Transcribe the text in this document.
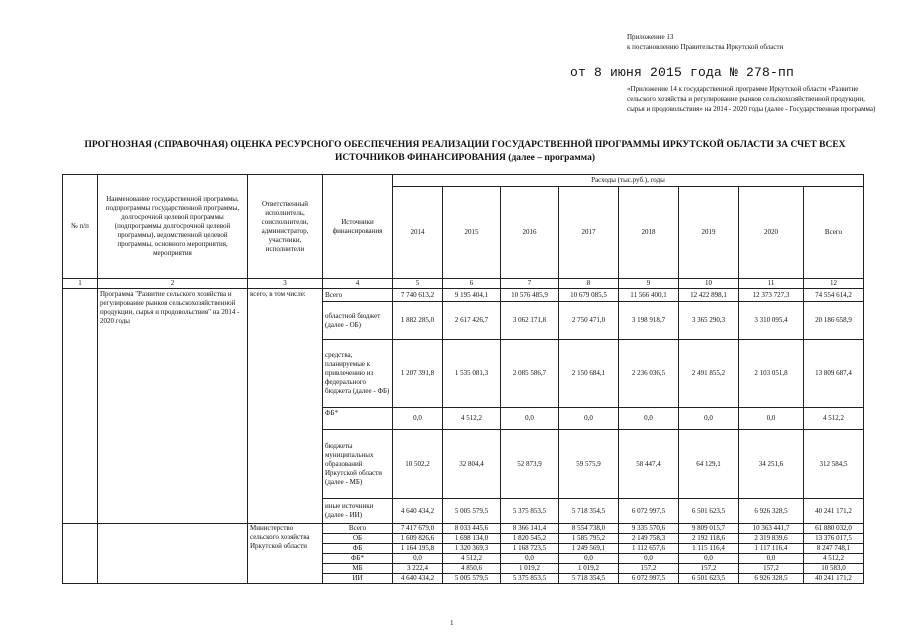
Приложение 13
к постановлению Правительства Иркутской области
от 8 июня 2015 года № 278-пп
«Приложение 14 к государственной программе Иркутской области «Развитие сельского хозяйства и регулирование рынков сельскохозяйственной продукции, сырья и продовольствия» на 2014 - 2020 годы (далее - Государственная программа)
ПРОГНОЗНАЯ (СПРАВОЧНАЯ) ОЦЕНКА РЕСУРСНОГО ОБЕСПЕЧЕНИЯ РЕАЛИЗАЦИИ ГОСУДАРСТВЕННОЙ ПРОГРАММЫ ИРКУТСКОЙ ОБЛАСТИ ЗА СЧЕТ ВСЕХ ИСТОЧНИКОВ ФИНАНСИРОВАНИЯ (далее – программа)
№ п/п	Наименование государственной программы, подпрограммы государственной программы, долгосрочной целевой программы (подпрограммы долгосрочной целевой программы), ведомственной целевой программы, основного мероприятия, мероприятия	Ответственный исполнитель, соисполнители, администратор, участники, исполнители	Источники финансирования	Расходы (тыс.руб.), годы							
				2014	2015	2016	2017	2018	2019	2020	Всего
1	2	3	4	5	6	7	8	9	10	11	12
	Программа "Развитие сельского хозяйства и регулирование рынков сельскохозяйственной продукции, сырья и продовольствия" на 2014 - 2020 годы	всего, в том числе:	Всего	7 740 613,2	9 195 404,1	10 576 485,9	10 679 085,5	11 566 400,1	12 422 898,1	12 373 727,3	74 554 614,2
			областной бюджет (далее - ОБ)	1 882 285,0	2 617 426,7	3 062 171,8	2 750 471,0	3 198 918,7	3 365 290,3	3 310 095,4	20 186 658,9
			средства, планируемые к привлечению из федерального бюджета (далее - ФБ)	1 207 391,8	1 535 081,3	2 085 586,7	2 150 684,1	2 236 036,5	2 491 855,2	2 103 051,8	13 809 687,4
			ФБ*	0,0	4 512,2	0,0	0,0	0,0	0,0	0,0	4 512,2
			бюджеты муниципальных образований Иркутской области (далее - МБ)	10 502,2	32 804,4	52 873,9	59 575,9	58 447,4	64 129,1	34 251,6	312 584,5
			иные источники (далее - ИИ)	4 640 434,2	5 005 579,5	5 375 853,5	5 718 354,5	6 072 997,5	6 501 623,5	6 926 328,5	40 241 171,2
		Министерство сельского хозяйства Иркутской области	Всего	7 417 679,0	8 033 445,6	8 366 141,4	8 554 738,0	9 335 570,6	9 809 015,7	10 363 441,7	61 880 032,0
			ОБ	1 609 826,6	1 698 134,0	1 820 545,2	1 585 795,2	2 149 758,3	2 192 118,6	2 319 839,6	13 376 017,5
			ФБ	1 164 195,8	1 320 369,3	1 168 723,5	1 249 569,1	1 112 657,6	1 115 116,4	1 117 116,4	8 247 748,1
			ФБ*	0,0	4 512,2	0,0	0,0	0,0	0,0	0,0	4 512,2
			МБ	3 222,4	4 850,6	1 019,2	1 019,2	157,2	157,2	157,2	10 583,0
			ИИ	4 640 434,2	5 005 579,5	5 375 853,5	5 718 354,5	6 072 997,5	6 501 623,5	6 926 328,5	40 241 171,2
1
